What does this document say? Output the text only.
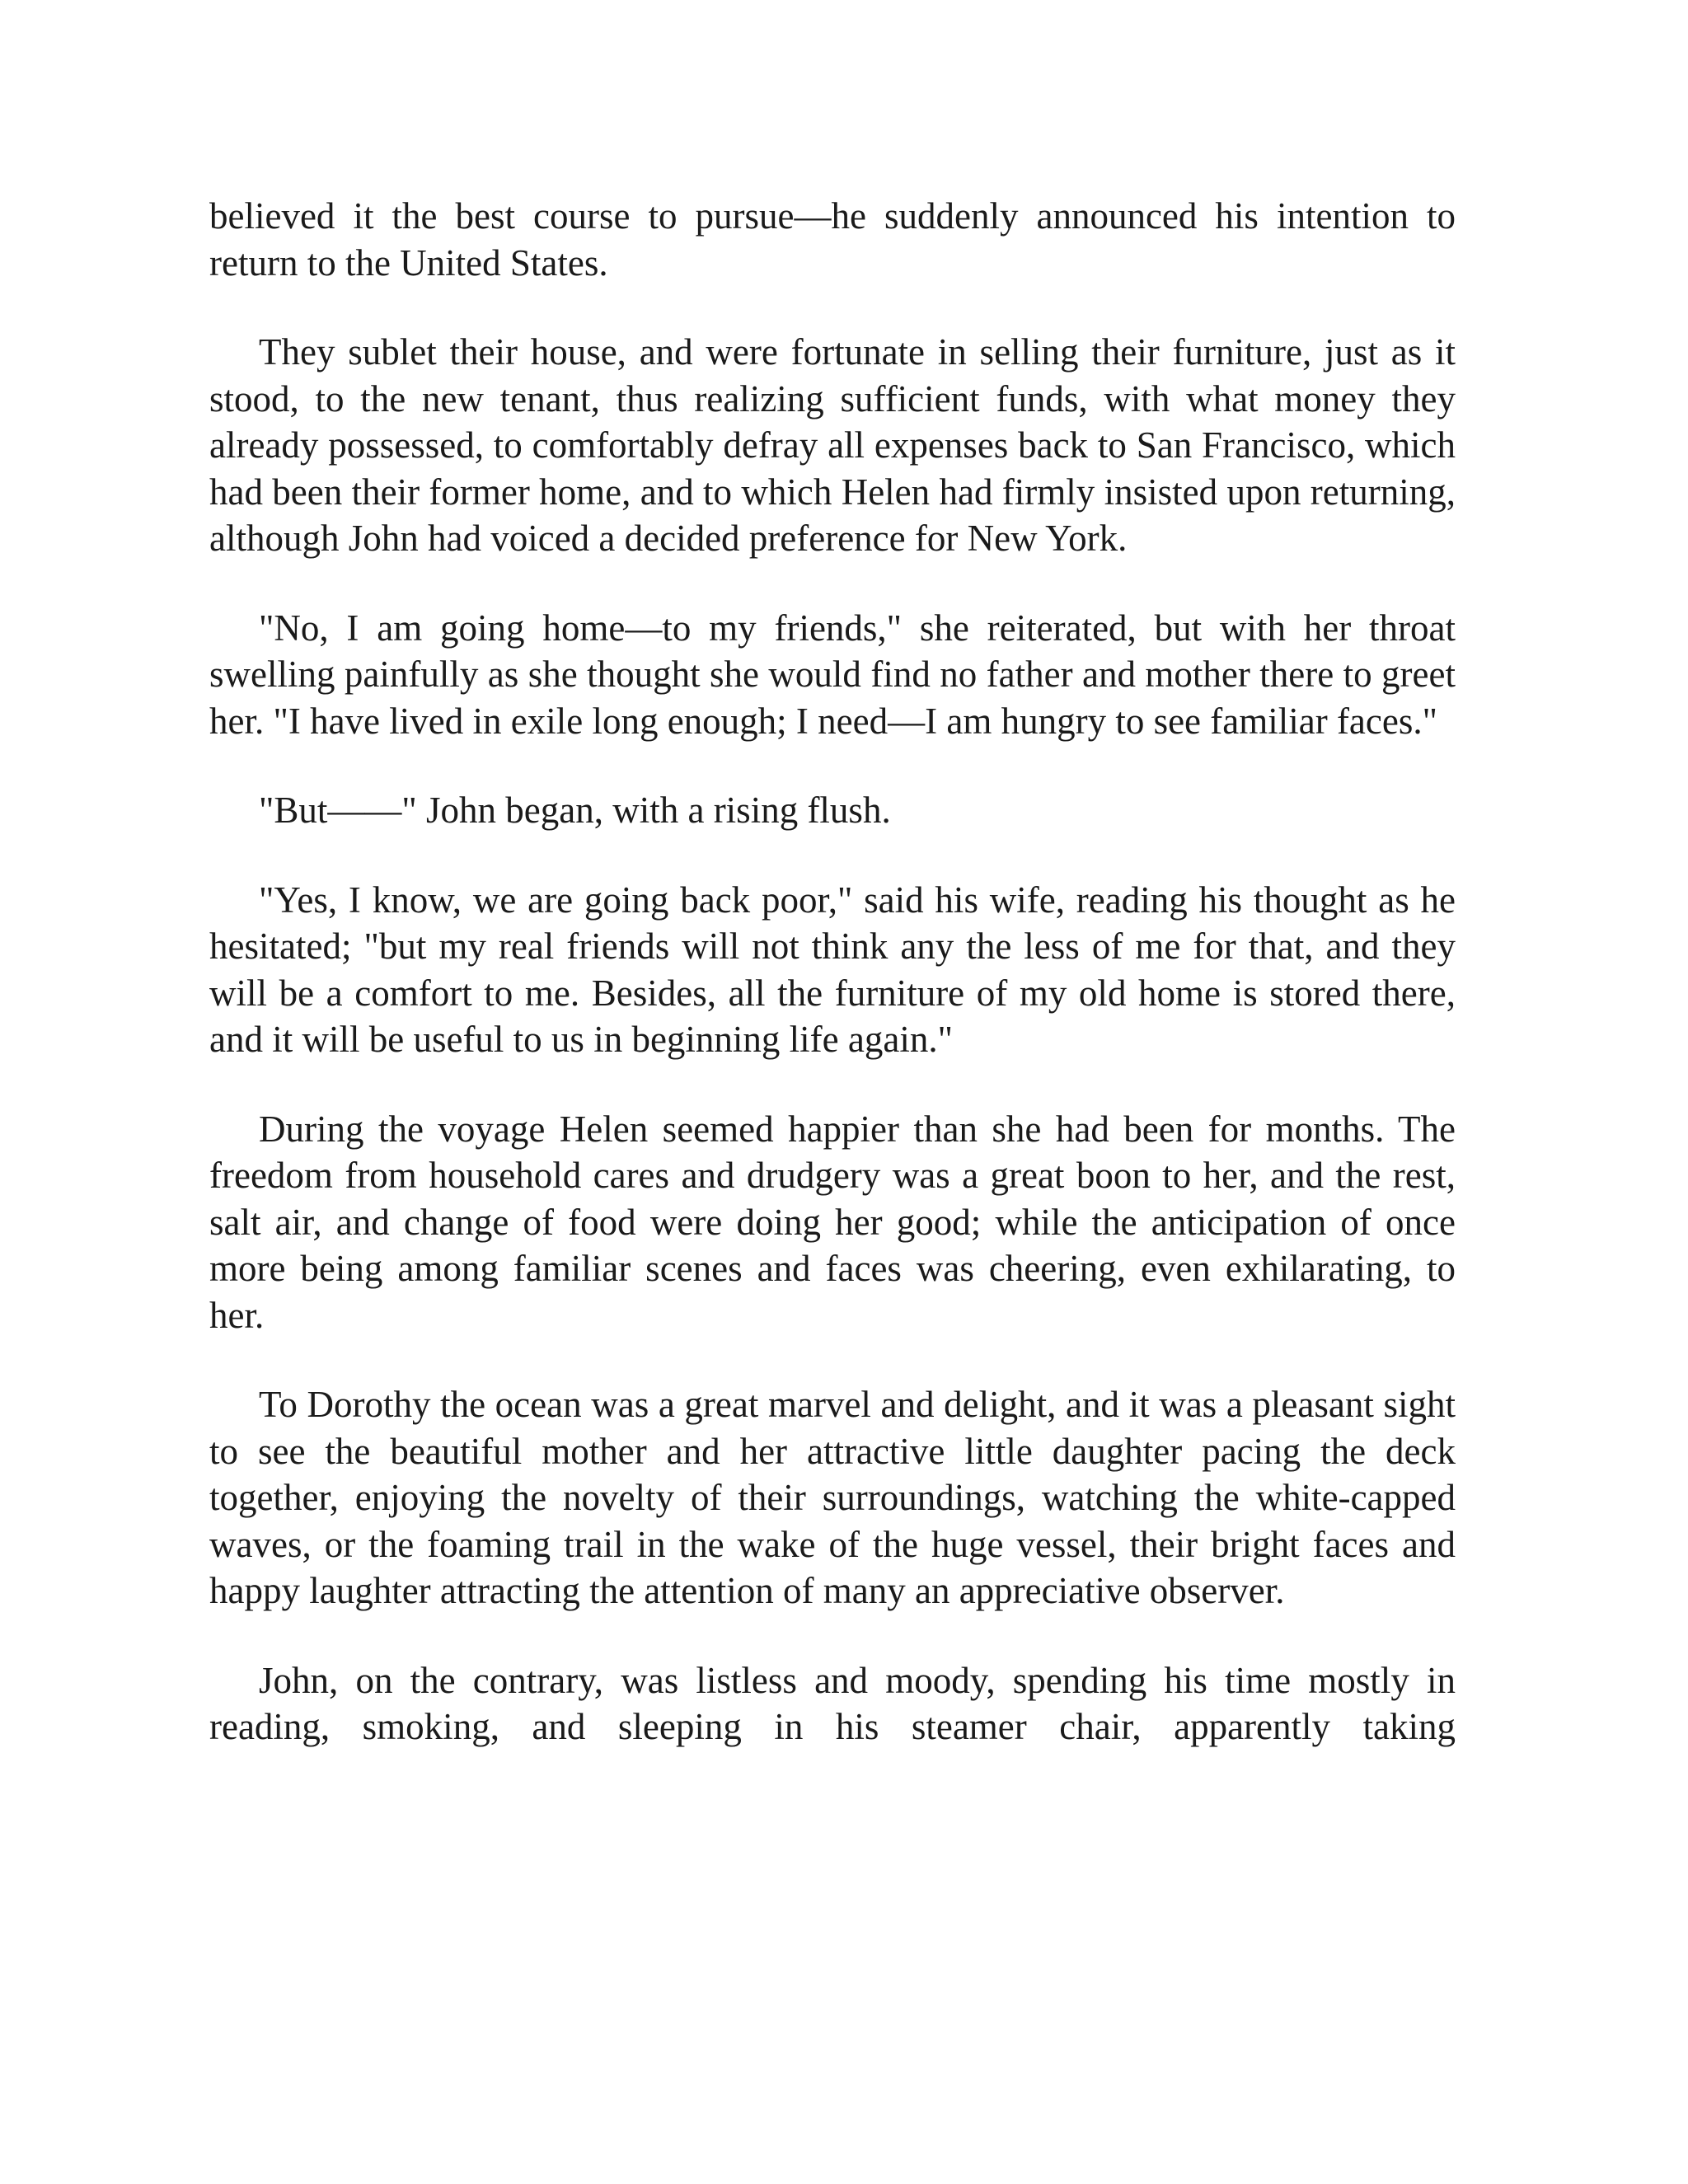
believed it the best course to pursue—he suddenly announced his intention to return to the United States.

They sublet their house, and were fortunate in selling their furniture, just as it stood, to the new tenant, thus realizing sufficient funds, with what money they already possessed, to comfortably defray all expenses back to San Francisco, which had been their former home, and to which Helen had firmly insisted upon returning, although John had voiced a decided preference for New York.

"No, I am going home—to my friends," she reiterated, but with her throat swelling painfully as she thought she would find no father and mother there to greet her. "I have lived in exile long enough; I need—I am hungry to see familiar faces."

"But——" John began, with a rising flush.

"Yes, I know, we are going back poor," said his wife, reading his thought as he hesitated; "but my real friends will not think any the less of me for that, and they will be a comfort to me. Besides, all the furniture of my old home is stored there, and it will be useful to us in beginning life again."

During the voyage Helen seemed happier than she had been for months. The freedom from household cares and drudgery was a great boon to her, and the rest, salt air, and change of food were doing her good; while the anticipation of once more being among familiar scenes and faces was cheering, even exhilarating, to her.

To Dorothy the ocean was a great marvel and delight, and it was a pleasant sight to see the beautiful mother and her attractive little daughter pacing the deck together, enjoying the novelty of their surroundings, watching the white-capped waves, or the foaming trail in the wake of the huge vessel, their bright faces and happy laughter attracting the attention of many an appreciative observer.

John, on the contrary, was listless and moody, spending his time mostly in reading, smoking, and sleeping in his steamer chair, apparently taking
